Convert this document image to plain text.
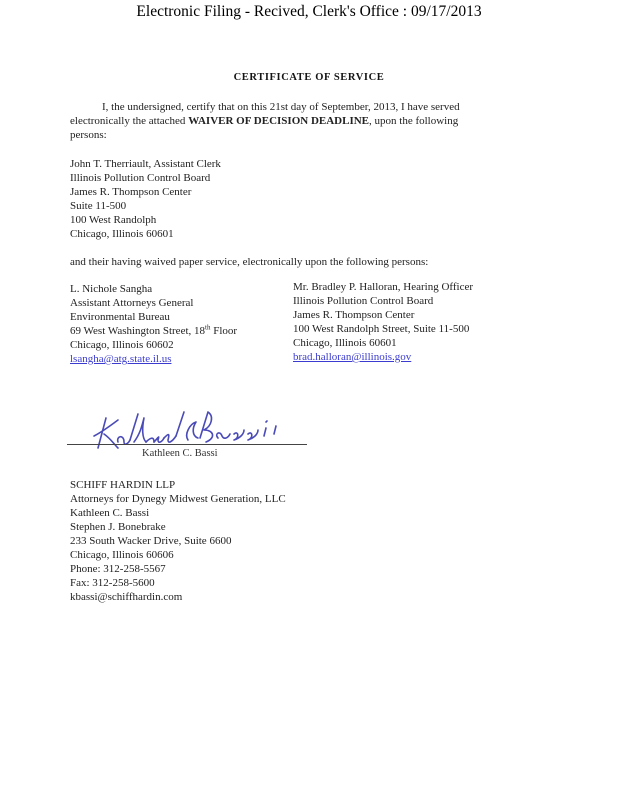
Electronic Filing - Recived, Clerk's Office : 09/17/2013
CERTIFICATE OF SERVICE
I, the undersigned, certify that on this 21st day of September, 2013, I have served
electronically the attached WAIVER OF DECISION DEADLINE, upon the following
persons:
John T. Therriault, Assistant Clerk
Illinois Pollution Control Board
James R. Thompson Center
Suite 11-500
100 West Randolph
Chicago, Illinois 60601
and their having waived paper service, electronically upon the following persons:
L. Nichole Sangha
Assistant Attorneys General
Environmental Bureau
69 West Washington Street, 18th Floor
Chicago, Illinois 60602
lsangha@atg.state.il.us
Mr. Bradley P. Halloran, Hearing Officer
Illinois Pollution Control Board
James R. Thompson Center
100 West Randolph Street, Suite 11-500
Chicago, Illinois 60601
brad.halloran@illinois.gov
Kathleen C. Bassi
SCHIFF HARDIN LLP
Attorneys for Dynegy Midwest Generation, LLC
Kathleen C. Bassi
Stephen J. Bonebrake
233 South Wacker Drive, Suite 6600
Chicago, Illinois 60606
Phone: 312-258-5567
Fax: 312-258-5600
kbassi@schiffhardin.com
